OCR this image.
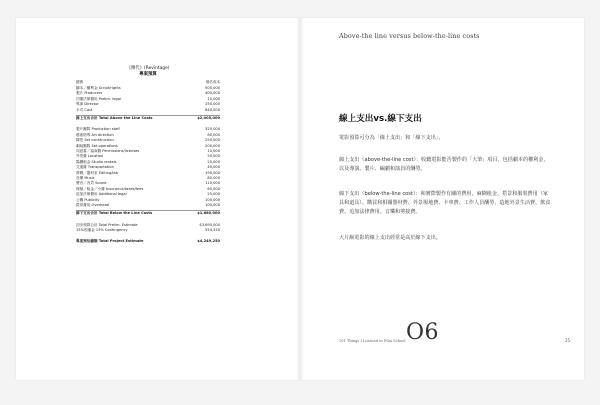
《傳代》(Revintage)
專案預算
總務	預估成本
腳本／權利金 Script/rights	500,000
製片 Producers	400,000
初期法律費用 Prelim. legal	15,000
導演 Director	250,000
卡司 Cast	840,000
線上支出合計 Total Above the Line Costs	$2,005,000
製片團隊 Production staff	325,000
藝術指導 Art direction	80,000
陳景 Set construction	250,000
劇組團隊 Set operations	200,000
同意書／協商費 Permissions/licenses	10,000
外景費 Location	50,000
場棚租金 Studio rentals	25,000
交通費 Transportation	40,000
剪輯／器材室 Editing/lab	190,000
音樂 Music	80,000
聲音／音效 Sound	110,000
保險／稅金／小費 Insurance/taxes/fees	65,000
追加法律費用 Additional legal	25,000
公關 Publicity	100,000
經常費用 Overhead	100,000
線下支出合計 Total Below the Line Costs	$1,680,000
初步預算合計 Total Prelim. Estimate	$3,695,000
15%預備金 15% Contingency	554,250
專案預估總額 Total Project Estimate	$4,249,250
Above-the line versus below-the-line costs
線上支出vs.線下支出
電影預算可分為「線上支出」和「線下支出」。
線上支出（above-the-line cost）：收聽電影能否製作的「大筆」項目，包括劇本的權利金，以及導演、製片、編劇和演員的酬勞。
線下支出（below-the-line cost）：和實際製作有關的費用，麻糊租金、搭景和服裝費用（家具和道具）、購買和相關器材費、外景場地費、卡車費、工作人員酬勞、造地外景生活費、飲食費、追加法律費用、音樂和剪接費。
大片級電影的線上支出經常是高於線下支出。
101 Things I Learned in Film School O6	25
